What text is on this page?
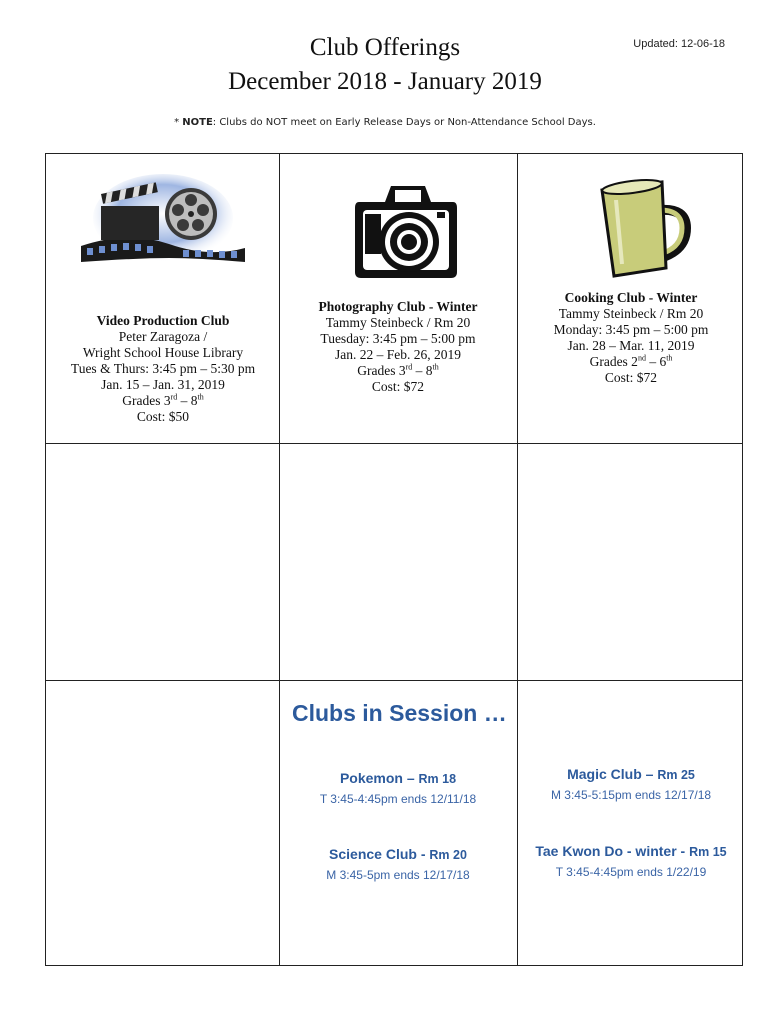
Club Offerings
December 2018 - January 2019
Updated: 12-06-18
* NOTE: Clubs do NOT meet on Early Release Days or Non-Attendance School Days.
Video Production Club
Peter Zaragoza /
Wright School House Library
Tues & Thurs: 3:45 pm – 5:30 pm
Jan. 15 – Jan. 31, 2019
Grades 3rd – 8th
Cost: $50
Photography Club - Winter
Tammy Steinbeck / Rm 20
Tuesday: 3:45 pm – 5:00 pm
Jan. 22 – Feb. 26, 2019
Grades 3rd – 8th
Cost: $72
Cooking Club - Winter
Tammy Steinbeck / Rm 20
Monday: 3:45 pm – 5:00 pm
Jan. 28 – Mar. 11, 2019
Grades 2nd – 6th
Cost: $72
Clubs in Session …
Pokemon – Rm 18
T 3:45-4:45pm ends 12/11/18
Science Club - Rm 20
M 3:45-5pm ends 12/17/18
Magic Club – Rm 25
M 3:45-5:15pm ends 12/17/18
Tae Kwon Do - winter - Rm 15
T 3:45-4:45pm ends 1/22/19
